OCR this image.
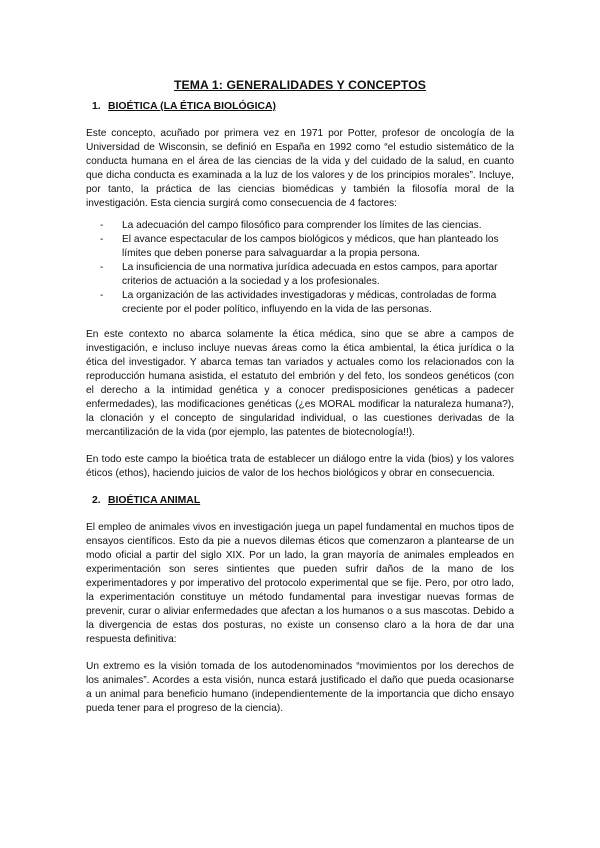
TEMA 1: GENERALIDADES Y CONCEPTOS
1. BIOÉTICA (LA ÉTICA BIOLÓGICA)

Este concepto, acuñado por primera vez en 1971 por Potter, profesor de oncología de la Universidad de Wisconsin, se definió en España en 1992 como “el estudio sistemático de la conducta humana en el área de las ciencias de la vida y del cuidado de la salud, en cuanto que dicha conducta es examinada a la luz de los valores y de los principios morales”. Incluye, por tanto, la práctica de las ciencias biomédicas y también la filosofía moral de la investigación. Esta ciencia surgirá como consecuencia de 4 factores:

- La adecuación del campo filosófico para comprender los límites de las ciencias.
- El avance espectacular de los campos biológicos y médicos, que han planteado los límites que deben ponerse para salvaguardar a la propia persona.
- La insuficiencia de una normativa jurídica adecuada en estos campos, para aportar criterios de actuación a la sociedad y a los profesionales.
- La organización de las actividades investigadoras y médicas, controladas de forma creciente por el poder político, influyendo en la vida de las personas.

En este contexto no abarca solamente la ética médica, sino que se abre a campos de investigación, e incluso incluye nuevas áreas como la ética ambiental, la ética jurídica o la ética del investigador. Y abarca temas tan variados y actuales como los relacionados con la reproducción humana asistida, el estatuto del embrión y del feto, los sondeos genéticos (con el derecho a la intimidad genética y a conocer predisposiciones genéticas a padecer enfermedades), las modificaciones genéticas (¿es MORAL modificar la naturaleza humana?), la clonación y el concepto de singularidad individual, o las cuestiones derivadas de la mercantilización de la vida (por ejemplo, las patentes de biotecnología!!).

En todo este campo la bioética trata de establecer un diálogo entre la vida (bios) y los valores éticos (ethos), haciendo juicios de valor de los hechos biológicos y obrar en consecuencia.

2. BIOÉTICA ANIMAL

El empleo de animales vivos en investigación juega un papel fundamental en muchos tipos de ensayos científicos. Esto da pie a nuevos dilemas éticos que comenzaron a plantearse de un modo oficial a partir del siglo XIX. Por un lado, la gran mayoría de animales empleados en experimentación son seres sintientes que pueden sufrir daños de la mano de los experimentadores y por imperativo del protocolo experimental que se fije. Pero, por otro lado, la experimentación constituye un método fundamental para investigar nuevas formas de prevenir, curar o aliviar enfermedades que afectan a los humanos o a sus mascotas. Debido a la divergencia de estas dos posturas, no existe un consenso claro a la hora de dar una respuesta definitiva:

Un extremo es la visión tomada de los autodenominados “movimientos por los derechos de los animales”. Acordes a esta visión, nunca estará justificado el daño que pueda ocasionarse a un animal para beneficio humano (independientemente de la importancia que dicho ensayo pueda tener para el progreso de la ciencia).
